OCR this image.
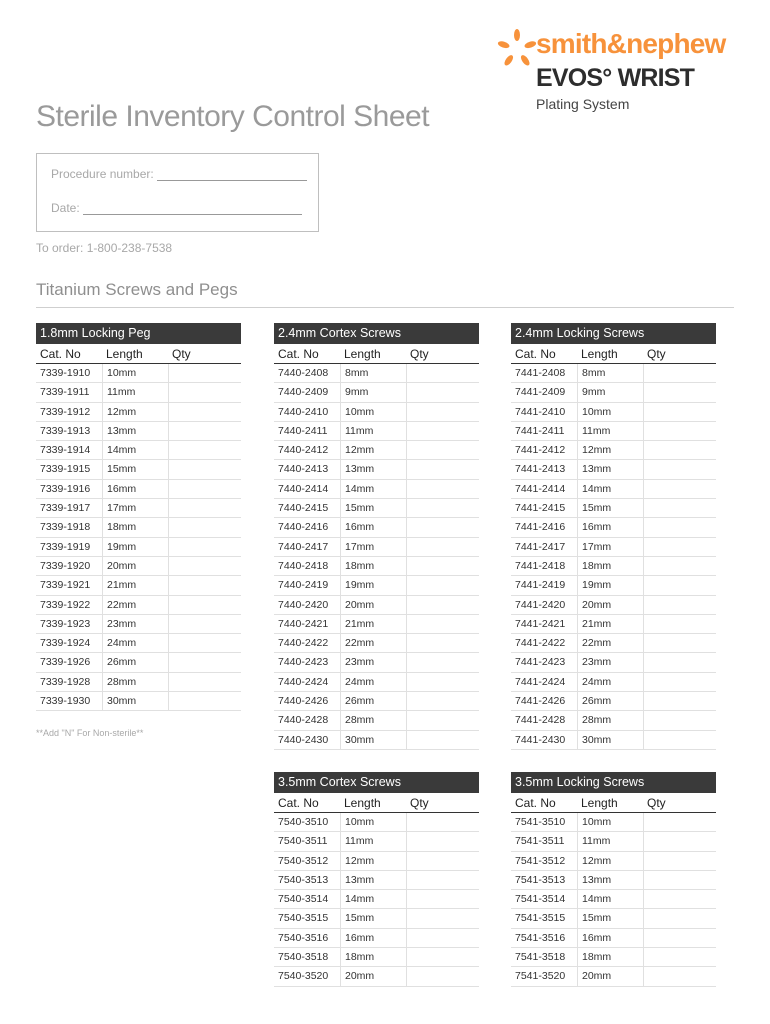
smith&nephew
EVOS° WRIST
Plating System
Sterile Inventory Control Sheet
Procedure number:
Date:
To order: 1-800-238-7538
Titanium Screws and Pegs
1.8mm Locking Peg
Cat. No	Length	Qty
7339-1910	10mm
7339-1911	11mm
7339-1912	12mm
7339-1913	13mm
7339-1914	14mm
7339-1915	15mm
7339-1916	16mm
7339-1917	17mm
7339-1918	18mm
7339-1919	19mm
7339-1920	20mm
7339-1921	21mm
7339-1922	22mm
7339-1923	23mm
7339-1924	24mm
7339-1926	26mm
7339-1928	28mm
7339-1930	30mm
2.4mm Cortex Screws
Cat. No	Length	Qty
7440-2408	8mm
7440-2409	9mm
7440-2410	10mm
7440-2411	11mm
7440-2412	12mm
7440-2413	13mm
7440-2414	14mm
7440-2415	15mm
7440-2416	16mm
7440-2417	17mm
7440-2418	18mm
7440-2419	19mm
7440-2420	20mm
7440-2421	21mm
7440-2422	22mm
7440-2423	23mm
7440-2424	24mm
7440-2426	26mm
7440-2428	28mm
7440-2430	30mm
2.4mm Locking Screws
Cat. No	Length	Qty
7441-2408	8mm
7441-2409	9mm
7441-2410	10mm
7441-2411	11mm
7441-2412	12mm
7441-2413	13mm
7441-2414	14mm
7441-2415	15mm
7441-2416	16mm
7441-2417	17mm
7441-2418	18mm
7441-2419	19mm
7441-2420	20mm
7441-2421	21mm
7441-2422	22mm
7441-2423	23mm
7441-2424	24mm
7441-2426	26mm
7441-2428	28mm
7441-2430	30mm
3.5mm Cortex Screws
Cat. No	Length	Qty
7540-3510	10mm
7540-3511	11mm
7540-3512	12mm
7540-3513	13mm
7540-3514	14mm
7540-3515	15mm
7540-3516	16mm
7540-3518	18mm
7540-3520	20mm
3.5mm Locking Screws
Cat. No	Length	Qty
7541-3510	10mm
7541-3511	11mm
7541-3512	12mm
7541-3513	13mm
7541-3514	14mm
7541-3515	15mm
7541-3516	16mm
7541-3518	18mm
7541-3520	20mm
**Add "N" For Non-sterile**
